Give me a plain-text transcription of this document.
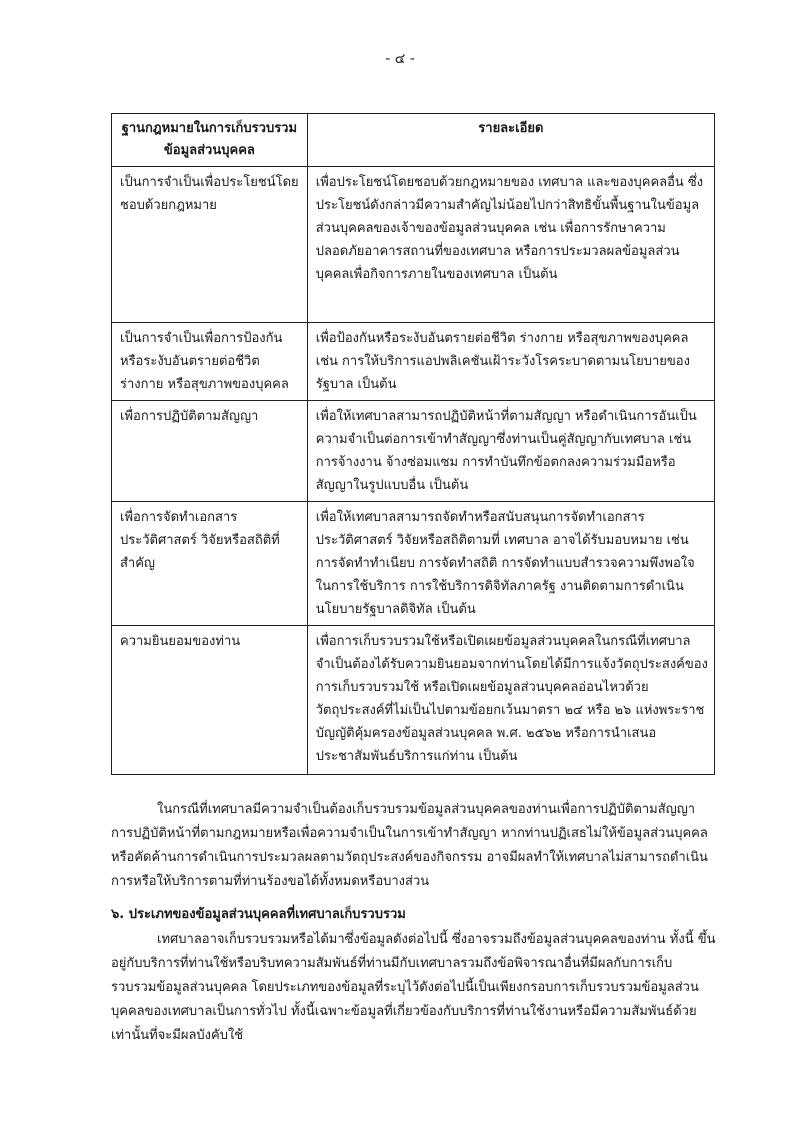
- ๔ -
ฐานกฎหมายในการเก็บรวบรวมข้อมูลส่วนบุคคล	รายละเอียด
เป็นการจำเป็นเพื่อประโยชน์โดยชอบด้วยกฎหมาย	เพื่อประโยชน์โดยชอบด้วยกฎหมายของ เทศบาล และของบุคคลอื่น ซึ่งประโยชน์ดังกล่าวมีความสำคัญไม่น้อยไปกว่าสิทธิขั้นพื้นฐานในข้อมูลส่วนบุคคลของเจ้าของข้อมูลส่วนบุคคล เช่น เพื่อการรักษาความปลอดภัยอาคารสถานที่ของเทศบาล หรือการประมวลผลข้อมูลส่วนบุคคลเพื่อกิจการภายในของเทศบาล เป็นต้น
เป็นการจำเป็นเพื่อการป้องกันหรือระงับอันตรายต่อชีวิต ร่างกาย หรือสุขภาพของบุคคล	เพื่อป้องกันหรือระงับอันตรายต่อชีวิต ร่างกาย หรือสุขภาพของบุคคล เช่น การให้บริการแอปพลิเคชันเฝ้าระวังโรคระบาดตามนโยบายของรัฐบาล เป็นต้น
เพื่อการปฏิบัติตามสัญญา	เพื่อให้เทศบาลสามารถปฏิบัติหน้าที่ตามสัญญา หรือดำเนินการอันเป็นความจำเป็นต่อการเข้าทำสัญญาซึ่งท่านเป็นคู่สัญญากับเทศบาล เช่น การจ้างงาน จ้างซ่อมแซม การทำบันทึกข้อตกลงความร่วมมือหรือสัญญาในรูปแบบอื่น เป็นต้น
เพื่อการจัดทำเอกสารประวัติศาสตร์ วิจัยหรือสถิติที่สำคัญ	เพื่อให้เทศบาลสามารถจัดทำหรือสนับสนุนการจัดทำเอกสารประวัติศาสตร์ วิจัยหรือสถิติตามที่ เทศบาล อาจได้รับมอบหมาย เช่น การจัดทำทำเนียบ การจัดทำสถิติ การจัดทำแบบสำรวจความพึงพอใจในการใช้บริการ การใช้บริการดิจิทัลภาครัฐ งานติดตามการดำเนินนโยบายรัฐบาลดิจิทัล เป็นต้น
ความยินยอมของท่าน	เพื่อการเก็บรวบรวมใช้หรือเปิดเผยข้อมูลส่วนบุคคลในกรณีที่เทศบาลจำเป็นต้องได้รับความยินยอมจากท่านโดยได้มีการแจ้งวัตถุประสงค์ของการเก็บรวบรวมใช้ หรือเปิดเผยข้อมูลส่วนบุคคลอ่อนไหวด้วยวัตถุประสงค์ที่ไม่เป็นไปตามข้อยกเว้นมาตรา ๒๔ หรือ ๒๖ แห่งพระราชบัญญัติคุ้มครองข้อมูลส่วนบุคคล พ.ศ. ๒๕๖๒ หรือการนำเสนอ ประชาสัมพันธ์บริการแก่ท่าน เป็นต้น

ในกรณีที่เทศบาลมีความจำเป็นต้องเก็บรวบรวมข้อมูลส่วนบุคคลของท่านเพื่อการปฏิบัติตามสัญญา การปฏิบัติหน้าที่ตามกฎหมายหรือเพื่อความจำเป็นในการเข้าทำสัญญา หากท่านปฏิเสธไม่ให้ข้อมูลส่วนบุคคลหรือคัดค้านการดำเนินการประมวลผลตามวัตถุประสงค์ของกิจกรรม อาจมีผลทำให้เทศบาลไม่สามารถดำเนินการหรือให้บริการตามที่ท่านร้องขอได้ทั้งหมดหรือบางส่วน

๖. ประเภทของข้อมูลส่วนบุคคลที่เทศบาลเก็บรวบรวม

เทศบาลอาจเก็บรวบรวมหรือได้มาซึ่งข้อมูลดังต่อไปนี้ ซึ่งอาจรวมถึงข้อมูลส่วนบุคคลของท่าน ทั้งนี้ ขึ้นอยู่กับบริการที่ท่านใช้หรือบริบทความสัมพันธ์ที่ท่านมีกับเทศบาลรวมถึงข้อพิจารณาอื่นที่มีผลกับการเก็บรวบรวมข้อมูลส่วนบุคคล โดยประเภทของข้อมูลที่ระบุไว้ดังต่อไปนี้เป็นเพียงกรอบการเก็บรวบรวมข้อมูลส่วนบุคคลของเทศบาลเป็นการทั่วไป ทั้งนี้เฉพาะข้อมูลที่เกี่ยวข้องกับบริการที่ท่านใช้งานหรือมีความสัมพันธ์ด้วยเท่านั้นที่จะมีผลบังคับใช้
